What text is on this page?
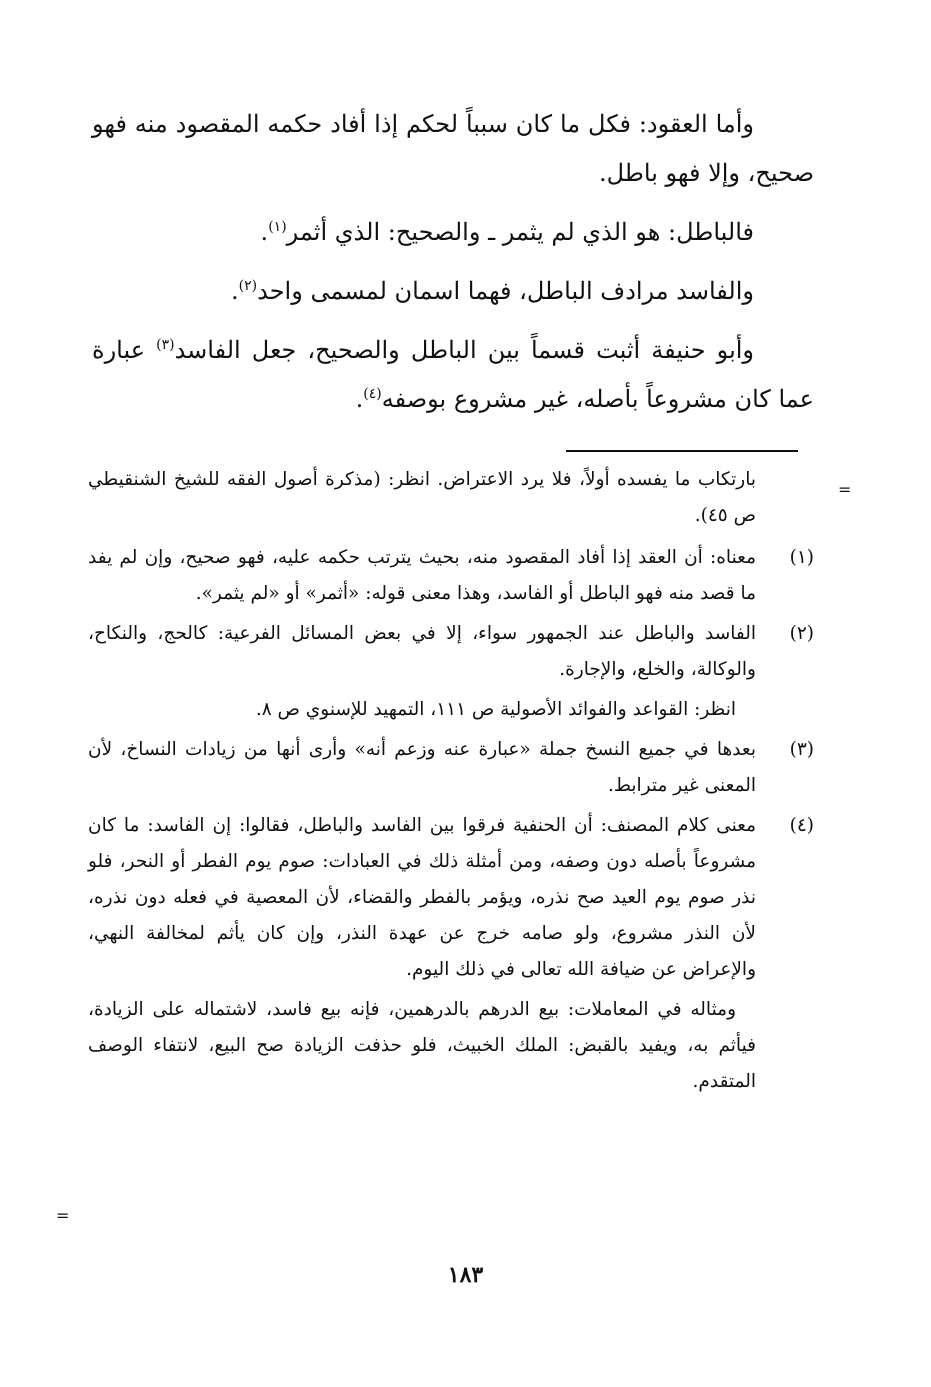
وأما العقود: فكل ما كان سبباً لحكم إذا أفاد حكمه المقصود منه فهو صحيح، وإلا فهو باطل.

فالباطل: هو الذي لم يثمر ـ والصحيح: الذي أثمر$^{(١)}$.

والفاسد مرادف الباطل، فهما اسمان لمسمى واحد$^{(٢)}$.

وأبو حنيفة أثبت قسماً بين الباطل والصحيح، جعل الفاسد$^{(٣)}$ عبارة عما كان مشروعاً بأصله، غير مشروع بوصفه$^{(٤)}$.

بارتكاب ما يفسده أولاً، فلا يرد الاعتراض. انظر: (مذكرة أصول الفقه للشيخ الشنقيطي ص ٤٥).

(١)
معناه: أن العقد إذا أفاد المقصود منه، بحيث يترتب حكمه عليه، فهو صحيح، وإن لم يفد ما قصد منه فهو الباطل أو الفاسد، وهذا معنى قوله: «أثمر» أو «لم يثمر».
(٢)
الفاسد والباطل عند الجمهور سواء، إلا في بعض المسائل الفرعية: كالحج، والنكاح، والوكالة، والخلع، والإجارة.

انظر: القواعد والفوائد الأصولية ص ١١١، التمهيد للإسنوي ص ٨.

(٣)
بعدها في جميع النسخ جملة «عبارة عنه وزعم أنه» وأرى أنها من زيادات النساخ، لأن المعنى غير مترابط.
(٤)
معنى كلام المصنف: أن الحنفية فرقوا بين الفاسد والباطل، فقالوا: إن الفاسد: ما كان مشروعاً بأصله دون وصفه، ومن أمثلة ذلك في العبادات: صوم يوم الفطر أو النحر، فلو نذر صوم يوم العيد صح نذره، ويؤمر بالفطر والقضاء، لأن المعصية في فعله دون نذره، لأن النذر مشروع، ولو صامه خرج عن عهدة النذر، وإن كان يأثم لمخالفة النهي، والإعراض عن ضيافة الله تعالى في ذلك اليوم.

ومثاله في المعاملات: بيع الدرهم بالدرهمين، فإنه بيع فاسد، لاشتماله على الزيادة، فيأثم به، ويفيد بالقبض: الملك الخبيث، فلو حذفت الزيادة صح البيع، لانتفاء الوصف المتقدم.

=
=
١٨٣
